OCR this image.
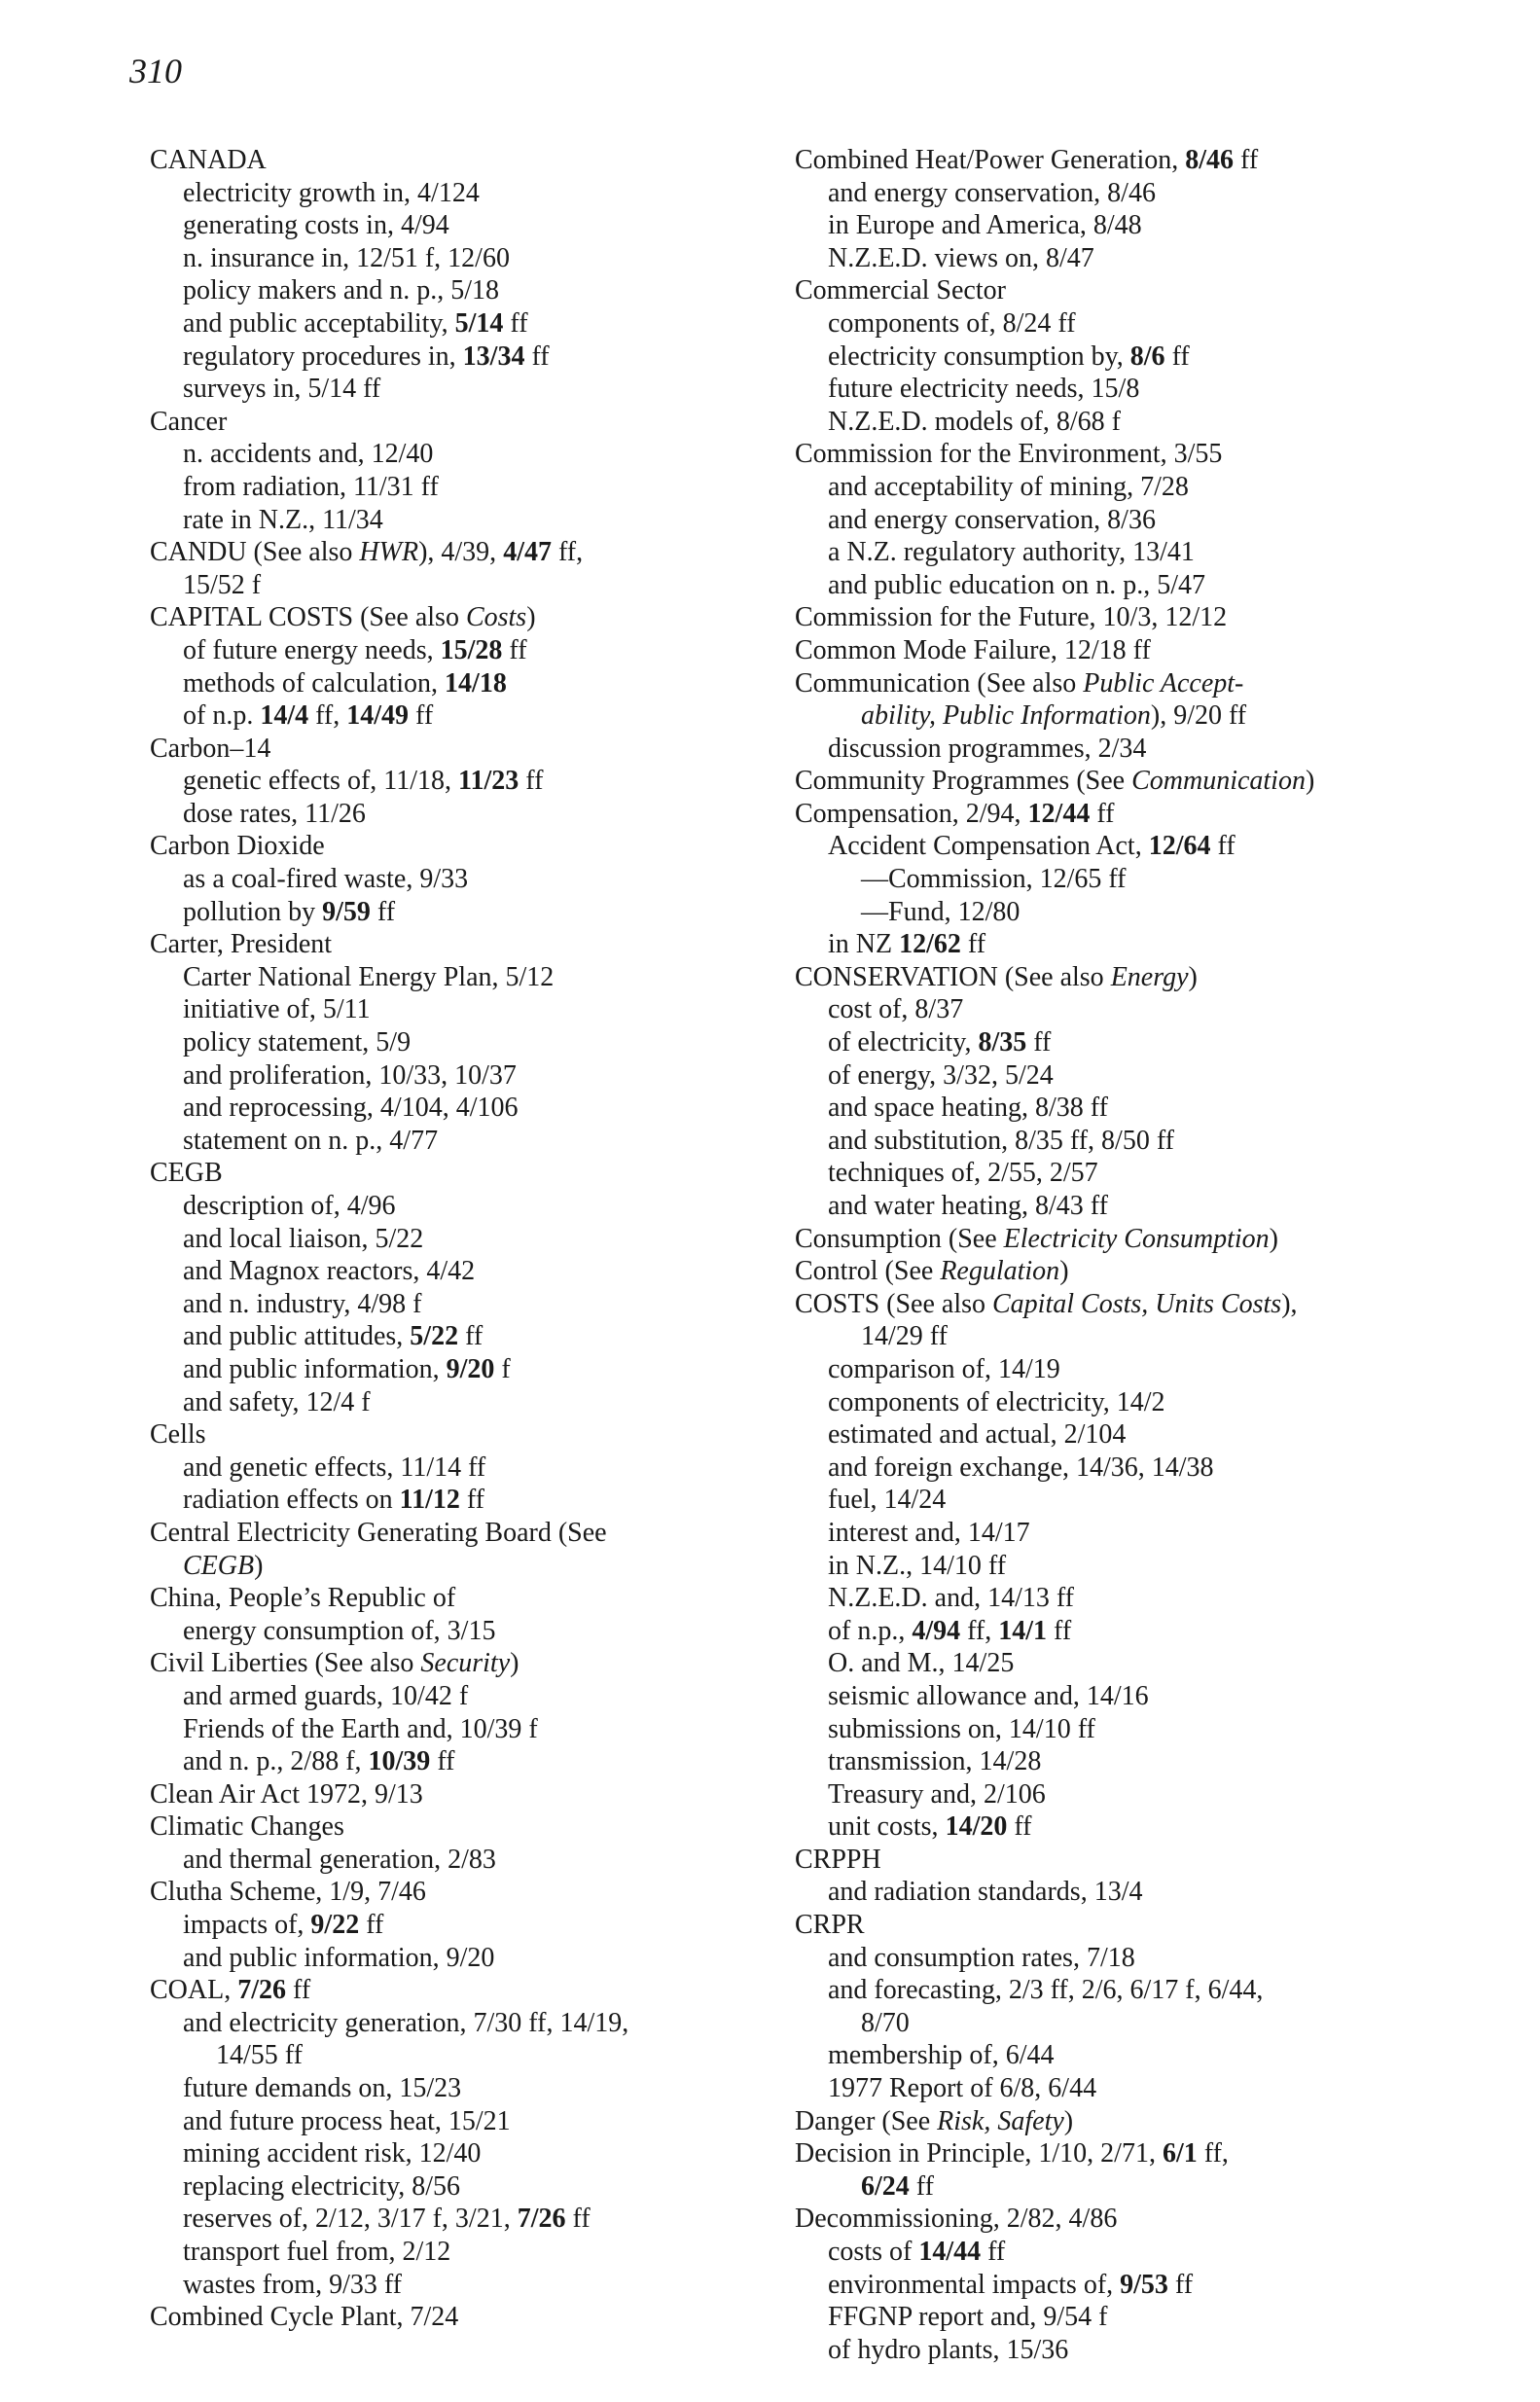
310
CANADA
electricity growth in, 4/124
generating costs in, 4/94
n. insurance in, 12/51 f, 12/60
policy makers and n. p., 5/18
and public acceptability, 5/14 ff
regulatory procedures in, 13/34 ff
surveys in, 5/14 ff
Cancer
n. accidents and, 12/40
from radiation, 11/31 ff
rate in N.Z., 11/34
CANDU (See also HWR), 4/39, 4/47 ff,
15/52 f
CAPITAL COSTS (See also Costs)
of future energy needs, 15/28 ff
methods of calculation, 14/18
of n.p. 14/4 ff, 14/49 ff
Carbon–14
genetic effects of, 11/18, 11/23 ff
dose rates, 11/26
Carbon Dioxide
as a coal-fired waste, 9/33
pollution by 9/59 ff
Carter, President
Carter National Energy Plan, 5/12
initiative of, 5/11
policy statement, 5/9
and proliferation, 10/33, 10/37
and reprocessing, 4/104, 4/106
statement on n. p., 4/77
CEGB
description of, 4/96
and local liaison, 5/22
and Magnox reactors, 4/42
and n. industry, 4/98 f
and public attitudes, 5/22 ff
and public information, 9/20 f
and safety, 12/4 f
Cells
and genetic effects, 11/14 ff
radiation effects on 11/12 ff
Central Electricity Generating Board (See
CEGB)
China, People’s Republic of
energy consumption of, 3/15
Civil Liberties (See also Security)
and armed guards, 10/42 f
Friends of the Earth and, 10/39 f
and n. p., 2/88 f, 10/39 ff
Clean Air Act 1972, 9/13
Climatic Changes
and thermal generation, 2/83
Clutha Scheme, 1/9, 7/46
impacts of, 9/22 ff
and public information, 9/20
COAL, 7/26 ff
and electricity generation, 7/30 ff, 14/19,
14/55 ff
future demands on, 15/23
and future process heat, 15/21
mining accident risk, 12/40
replacing electricity, 8/56
reserves of, 2/12, 3/17 f, 3/21, 7/26 ff
transport fuel from, 2/12
wastes from, 9/33 ff
Combined Cycle Plant, 7/24
Combined Heat/Power Generation, 8/46 ff
and energy conservation, 8/46
in Europe and America, 8/48
N.Z.E.D. views on, 8/47
Commercial Sector
components of, 8/24 ff
electricity consumption by, 8/6 ff
future electricity needs, 15/8
N.Z.E.D. models of, 8/68 f
Commission for the Environment, 3/55
and acceptability of mining, 7/28
and energy conservation, 8/36
a N.Z. regulatory authority, 13/41
and public education on n. p., 5/47
Commission for the Future, 10/3, 12/12
Common Mode Failure, 12/18 ff
Communication (See also Public Accept-
ability, Public Information), 9/20 ff
discussion programmes, 2/34
Community Programmes (See Communication)
Compensation, 2/94, 12/44 ff
Accident Compensation Act, 12/64 ff
—Commission, 12/65 ff
—Fund, 12/80
in NZ 12/62 ff
CONSERVATION (See also Energy)
cost of, 8/37
of electricity, 8/35 ff
of energy, 3/32, 5/24
and space heating, 8/38 ff
and substitution, 8/35 ff, 8/50 ff
techniques of, 2/55, 2/57
and water heating, 8/43 ff
Consumption (See Electricity Consumption)
Control (See Regulation)
COSTS (See also Capital Costs, Units Costs),
14/29 ff
comparison of, 14/19
components of electricity, 14/2
estimated and actual, 2/104
and foreign exchange, 14/36, 14/38
fuel, 14/24
interest and, 14/17
in N.Z., 14/10 ff
N.Z.E.D. and, 14/13 ff
of n.p., 4/94 ff, 14/1 ff
O. and M., 14/25
seismic allowance and, 14/16
submissions on, 14/10 ff
transmission, 14/28
Treasury and, 2/106
unit costs, 14/20 ff
CRPPH
and radiation standards, 13/4
CRPR
and consumption rates, 7/18
and forecasting, 2/3 ff, 2/6, 6/17 f, 6/44,
8/70
membership of, 6/44
1977 Report of 6/8, 6/44
Danger (See Risk, Safety)
Decision in Principle, 1/10, 2/71, 6/1 ff,
6/24 ff
Decommissioning, 2/82, 4/86
costs of 14/44 ff
environmental impacts of, 9/53 ff
FFGNP report and, 9/54 f
of hydro plants, 15/36
